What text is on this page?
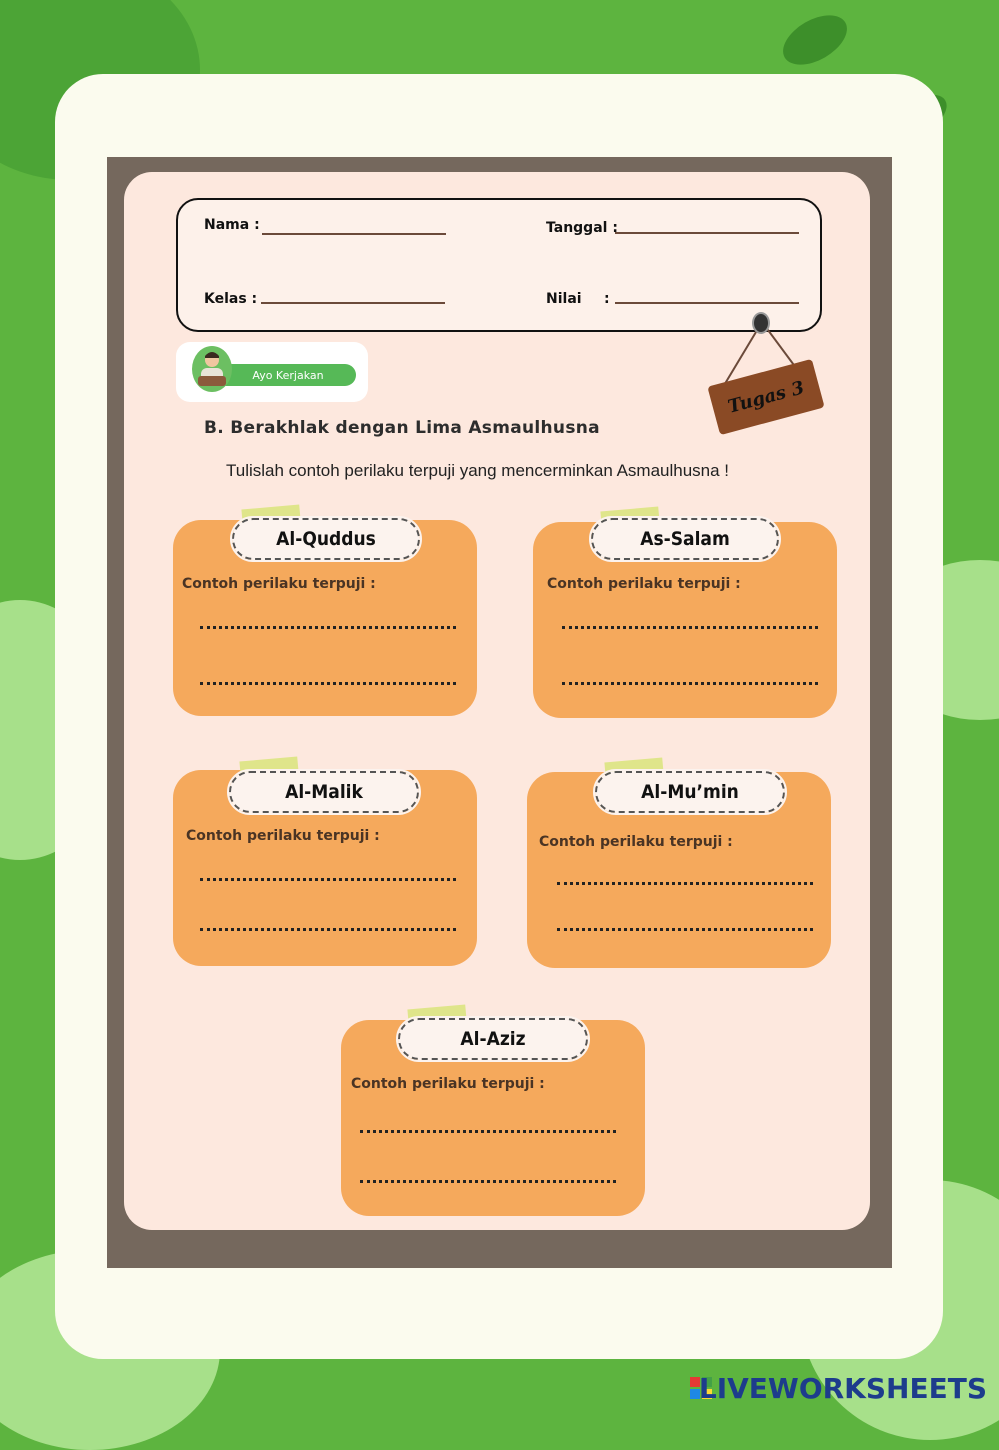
Nama :	Tanggal :
Kelas :	Nilai :
Tugas 3
Ayo Kerjakan
B. Berakhlak dengan Lima Asmaulhusna
Tulislah contoh perilaku terpuji yang mencerminkan Asmaulhusna !
Al-Quddus
Contoh perilaku terpuji :
As-Salam
Contoh perilaku terpuji :
Al-Malik
Contoh perilaku terpuji :
Al-Mu’min
Contoh perilaku terpuji :
Al-Aziz
Contoh perilaku terpuji :
LIVEWORKSHEETS
